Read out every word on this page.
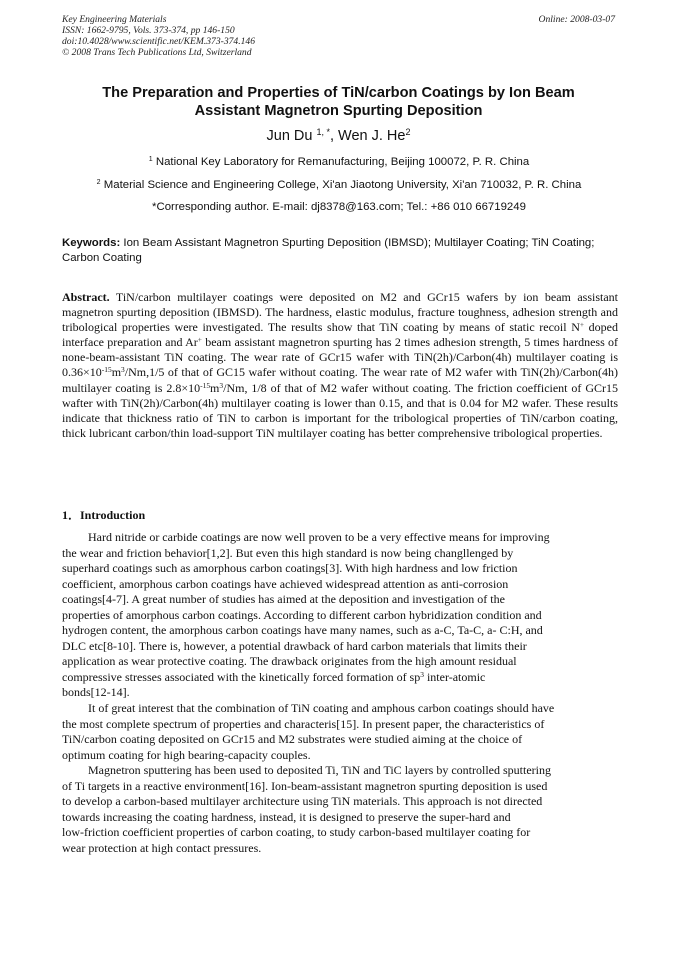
Key Engineering Materials
ISSN: 1662-9795, Vols. 373-374, pp 146-150
doi:10.4028/www.scientific.net/KEM.373-374.146
© 2008 Trans Tech Publications Ltd, Switzerland
Online: 2008-03-07
The Preparation and Properties of TiN/carbon Coatings by Ion Beam
Assistant Magnetron Spurting Deposition
Jun Du $^{1, *}$, Wen J. He$^2$
$^1$ National Key Laboratory for Remanufacturing, Beijing 100072, P. R. China
$^2$ Material Science and Engineering College, Xi'an Jiaotong University, Xi'an 710032, P. R. China
*Corresponding author. E-mail: dj8378@163.com; Tel.: +86 010 66719249
Keywords: Ion Beam Assistant Magnetron Spurting Deposition (IBMSD); Multilayer Coating; TiN Coating; Carbon Coating
Abstract. TiN/carbon multilayer coatings were deposited on M2 and GCr15 wafers by ion beam assistant magnetron spurting deposition (IBMSD). The hardness, elastic modulus, fracture toughness, adhesion strength and tribological properties were investigated. The results show that TiN coating by means of static recoil N+ doped interface preparation and Ar+ beam assistant magnetron spurting has 2 times adhesion strength, 5 times hardness of none-beam-assistant TiN coating. The wear rate of GCr15 wafer with TiN(2h)/Carbon(4h) multilayer coating is $0.36\times 10^{-15}m^3/Nm,1/5$ of that of GC15 wafer without coating. The wear rate of M2 wafer with TiN(2h)/Carbon(4h) multilayer coating is $2.8\times 10^{-15}m^3/Nm$, 1/8 of that of M2 wafer without coating. The friction coefficient of GCr15 wafter with TiN(2h)/Carbon(4h) multilayer coating is lower than 0.15, and that is 0.04 for M2 wafer. These results indicate that thickness ratio of TiN to carbon is important for the tribological properties of TiN/carbon coating, thick lubricant carbon/thin load-support TiN multilayer coating has better comprehensive tribological properties.
1．Introduction

Hard nitride or carbide coatings are now well proven to be a very effective means for improving
the wear and friction behavior[1,2]. But even this high standard is now being changllenged by
superhard coatings such as amorphous carbon coatings[3]. With high hardness and low friction
coefficient, amorphous carbon coatings have achieved widespread attention as anti-corrosion
coatings[4-7]. A great number of studies has aimed at the deposition and investigation of the
properties of amorphous carbon coatings. According to different carbon hybridization condition and
hydrogen content, the amorphous carbon coatings have many names, such as a-C, Ta-C, a- C:H, and
DLC etc[8-10]. There is, however, a potential drawback of hard carbon materials that limits their
application as wear protective coating. The drawback originates from the high amount residual
compressive stresses associated with the kinetically forced formation of $sp^3$ inter-atomic
bonds[12-14].

It of great interest that the combination of TiN coating and amphous carbon coatings should have
the most complete spectrum of properties and characteris[15]. In present paper, the characteristics of
TiN/carbon coating deposited on GCr15 and M2 substrates were studied aiming at the choice of
optimum coating for high bearing-capacity couples.

Magnetron sputtering has been used to deposited Ti, TiN and TiC layers by controlled sputtering
of Ti targets in a reactive environment[16]. Ion-beam-assistant magnetron spurting deposition is used
to develop a carbon-based multilayer architecture using TiN materials. This approach is not directed
towards increasing the coating hardness, instead, it is designed to preserve the super-hard and
low-friction coefficient properties of carbon coating, to study carbon-based multilayer coating for
wear protection at high contact pressures.
